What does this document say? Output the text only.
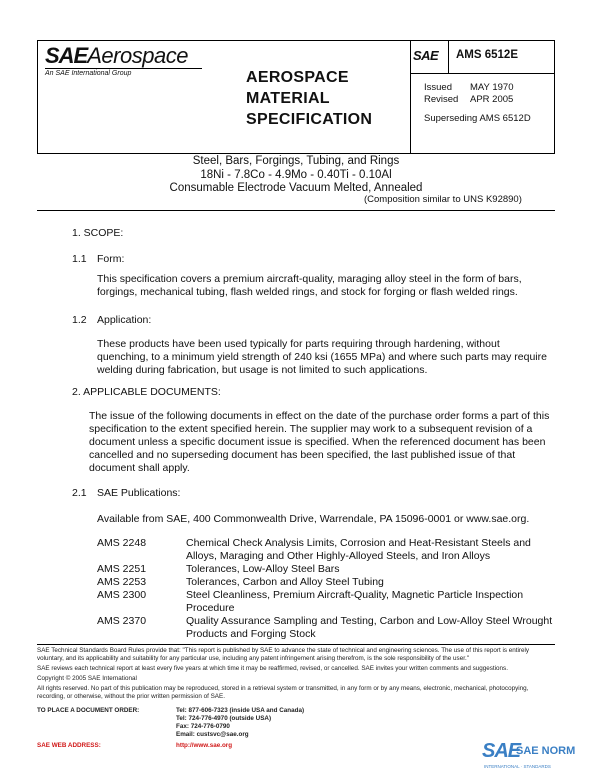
SAEAerospace
An SAE International Group	AEROSPACE
MATERIAL
SPECIFICATION
SAE AMS 6512E
Issued MAY 1970
Revised APR 2005
Superseding AMS 6512D
Steel, Bars, Forgings, Tubing, and Rings
18Ni - 7.8Co - 4.9Mo - 0.40Ti - 0.10Al
Consumable Electrode Vacuum Melted, Annealed
(Composition similar to UNS K92890)
1. SCOPE:
1.1 Form:
This specification covers a premium aircraft-quality, maraging alloy steel in the form of bars, forgings, mechanical tubing, flash welded rings, and stock for forging or flash welded rings.
1.2 Application:
These products have been used typically for parts requiring through hardening, without quenching, to a minimum yield strength of 240 ksi (1655 MPa) and where such parts may require welding during fabrication, but usage is not limited to such applications.
2. APPLICABLE DOCUMENTS:
The issue of the following documents in effect on the date of the purchase order forms a part of this specification to the extent specified herein. The supplier may work to a subsequent revision of a document unless a specific document issue is specified. When the referenced document has been cancelled and no superseding document has been specified, the last published issue of that document shall apply.
2.1 SAE Publications:
Available from SAE, 400 Commonwealth Drive, Warrendale, PA 15096-0001 or www.sae.org.
AMS 2248	Chemical Check Analysis Limits, Corrosion and Heat-Resistant Steels and Alloys, Maraging and Other Highly-Alloyed Steels, and Iron Alloys
AMS 2251	Tolerances, Low-Alloy Steel Bars
AMS 2253	Tolerances, Carbon and Alloy Steel Tubing
AMS 2300	Steel Cleanliness, Premium Aircraft-Quality, Magnetic Particle Inspection Procedure
AMS 2370	Quality Assurance Sampling and Testing, Carbon and Low-Alloy Steel Wrought Products and Forging Stock
SAE Technical Standards Board Rules provide that: "This report is published by SAE to advance the state of technical and engineering sciences. The use of this report is entirely voluntary, and its applicability and suitability for any particular use, including any patent infringement arising therefrom, is the sole responsibility of the user."
SAE reviews each technical report at least every five years at which time it may be reaffirmed, revised, or cancelled. SAE invites your written comments and suggestions.
Copyright © 2005 SAE International
All rights reserved. No part of this publication may be reproduced, stored in a retrieval system or transmitted, in any form or by any means, electronic, mechanical, photocopying, recording, or otherwise, without the prior written permission of SAE.
TO PLACE A DOCUMENT ORDER:	Tel: 877-606-7323 (inside USA and Canada)
Tel: 724-776-4970 (outside USA)
Fax: 724-776-0790
Email: custsvc@sae.org
SAE WEB ADDRESS:	http://www.sae.org	SAE
SAE NORM
INTERNATIONAL · STANDARDS
